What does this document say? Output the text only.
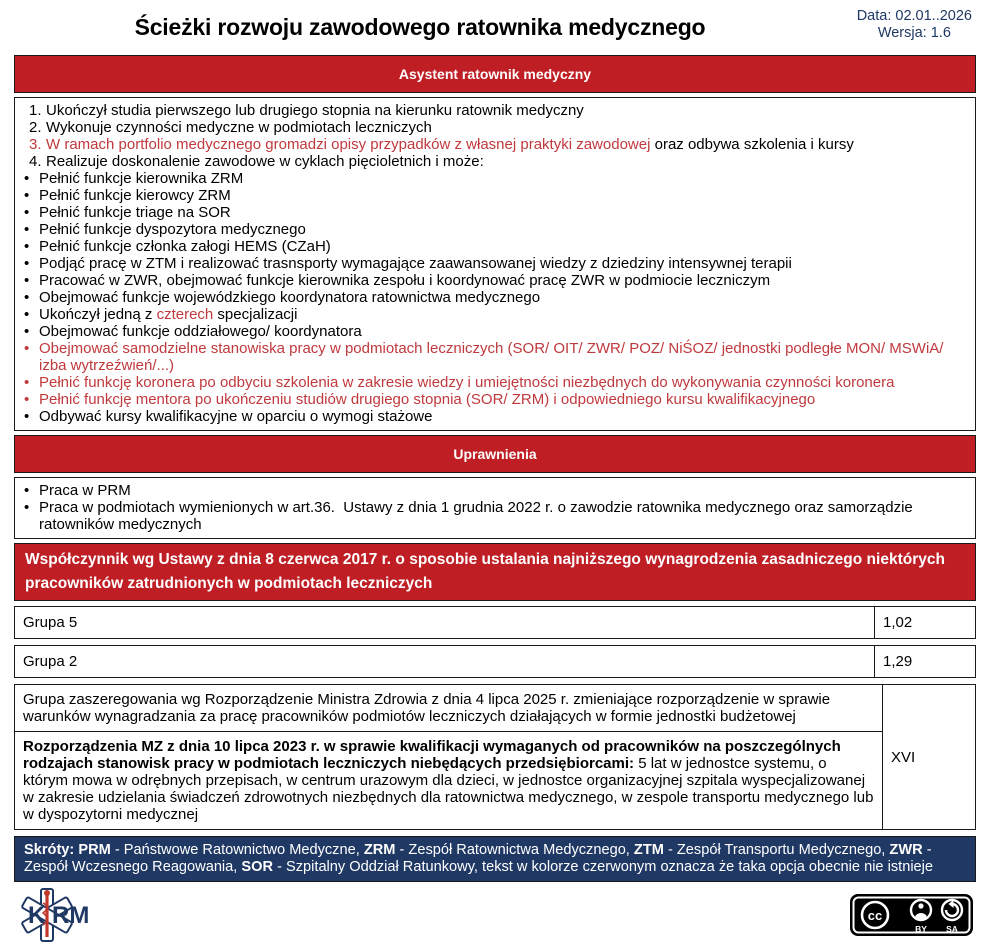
Ścieżki rozwoju zawodowego ratownika medycznego	Data: 02.01..2026
Wersja: 1.6
Asystent ratownik medyczny
1. Ukończył studia pierwszego lub drugiego stopnia na kierunku ratownik medyczny
2. Wykonuje czynności medyczne w podmiotach leczniczych
3. W ramach portfolio medycznego gromadzi opisy przypadków z własnej praktyki zawodowej oraz odbywa szkolenia i kursy
4. Realizuje doskonalenie zawodowe w cyklach pięcioletnich i może:
• Pełnić funkcje kierownika ZRM
• Pełnić funkcje kierowcy ZRM
• Pełnić funkcje triage na SOR
• Pełnić funkcje dyspozytora medycznego
• Pełnić funkcje członka załogi HEMS (CZaH)
• Podjąć pracę w ZTM i realizować trasnsporty wymagające zaawansowanej wiedzy z dziedziny intensywnej terapii
• Pracować w ZWR, obejmować funkcje kierownika zespołu i koordynować pracę ZWR w podmiocie leczniczym
• Obejmować funkcje wojewódzkiego koordynatora ratownictwa medycznego
• Ukończył jedną z czterech specjalizacji
• Obejmować funkcje oddziałowego/ koordynatora
• Obejmować samodzielne stanowiska pracy w podmiotach leczniczych (SOR/ OIT/ ZWR/ POZ/ NiŚOZ/ jednostki podległe MON/ MSWiA/ izba wytrzeźwień/...)
• Pełnić funkcję koronera po odbyciu szkolenia w zakresie wiedzy i umiejętności niezbędnych do wykonywania czynności koronera
• Pełnić funkcję mentora po ukończeniu studiów drugiego stopnia (SOR/ ZRM) i odpowiedniego kursu kwalifikacyjnego
• Odbywać kursy kwalifikacyjne w oparciu o wymogi stażowe
Uprawnienia
• Praca w PRM
• Praca w podmiotach wymienionych w art.36.  Ustawy z dnia 1 grudnia 2022 r. o zawodzie ratownika medycznego oraz samorządzie ratowników medycznych
Współczynnik wg Ustawy z dnia 8 czerwca 2017 r. o sposobie ustalania najniższego wynagrodzenia zasadniczego niektórych pracowników zatrudnionych w podmiotach leczniczych
Grupa 5	1,02
Grupa 2	1,29
Grupa zaszeregowania wg Rozporządzenie Ministra Zdrowia z dnia 4 lipca 2025 r. zmieniające rozporządzenie w sprawie warunków wynagradzania za pracę pracowników podmiotów leczniczych działających w formie jednostki budżetowej
Rozporządzenia MZ z dnia 10 lipca 2023 r. w sprawie kwalifikacji wymaganych od pracowników na poszczególnych rodzajach stanowisk pracy w podmiotach leczniczych niebędących przedsiębiorcami: 5 lat w jednostce systemu, o którym mowa w odrębnych przepisach, w centrum urazowym dla dzieci, w jednostce organizacyjnej szpitala wyspecjalizowanej w zakresie udzielania świadczeń zdrowotnych niezbędnych dla ratownictwa medycznego, w zespole transportu medycznego lub w dyspozytorni medycznej
XVI
Skróty: PRM - Państwowe Ratownictwo Medyczne, ZRM - Zespół Ratownictwa Medycznego, ZTM - Zespół Transportu Medycznego, ZWR - Zespół Wczesnego Reagowania, SOR - Szpitalny Oddział Ratunkowy, tekst w kolorze czerwonym oznacza że taka opcja obecnie nie istnieje
K RM	cc
BY SA
